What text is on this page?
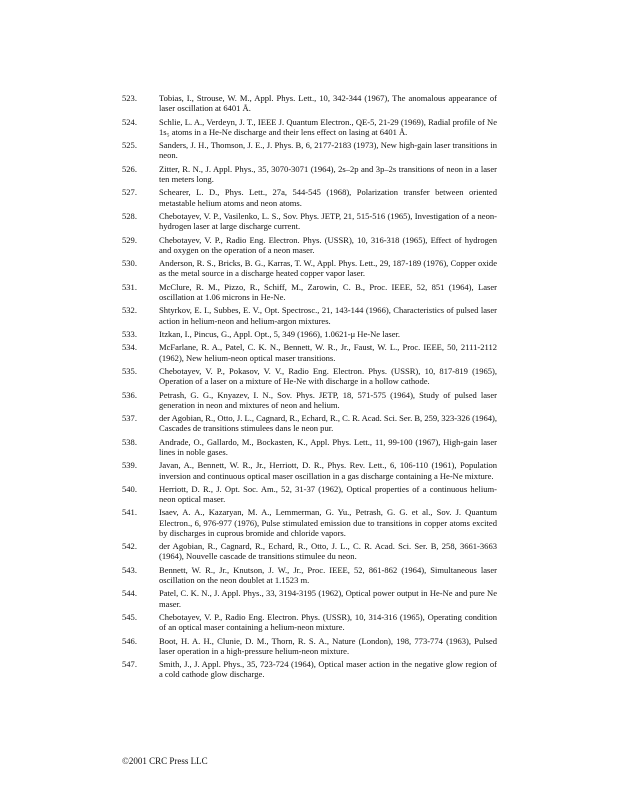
523.	Tobias, I., Strouse, W. M., Appl. Phys. Lett., 10, 342-344 (1967), The anomalous appearance of laser oscillation at 6401 Å.
524.	Schlie, L. A., Verdeyn, J. T., IEEE J. Quantum Electron., QE-5, 21-29 (1969), Radial profile of Ne 1s₅ atoms in a He-Ne discharge and their lens effect on lasing at 6401 Å.
525.	Sanders, J. H., Thomson, J. E., J. Phys. B, 6, 2177-2183 (1973), New high-gain laser transitions in neon.
526.	Zitter, R. N., J. Appl. Phys., 35, 3070-3071 (1964), 2s–2p and 3p–2s transitions of neon in a laser ten meters long.
527.	Schearer, L. D., Phys. Lett., 27a, 544-545 (1968), Polarization transfer between oriented metastable helium atoms and neon atoms.
528.	Chebotayev, V. P., Vasilenko, L. S., Sov. Phys. JETP, 21, 515-516 (1965), Investigation of a neon-hydrogen laser at large discharge current.
529.	Chebotayev, V. P., Radio Eng. Electron. Phys. (USSR), 10, 316-318 (1965), Effect of hydrogen and oxygen on the operation of a neon maser.
530.	Anderson, R. S., Bricks, B. G., Karras, T. W., Appl. Phys. Lett., 29, 187-189 (1976), Copper oxide as the metal source in a discharge heated copper vapor laser.
531.	McClure, R. M., Pizzo, R., Schiff, M., Zarowin, C. B., Proc. IEEE, 52, 851 (1964), Laser oscillation at 1.06 microns in He-Ne.
532.	Shtyrkov, E. I., Subbes, E. V., Opt. Spectrosc., 21, 143-144 (1966), Characteristics of pulsed laser action in helium-neon and helium-argon mixtures.
533.	Itzkan, I., Pincus, G., Appl. Opt., 5, 349 (1966), 1.0621-μ He-Ne laser.
534.	McFarlane, R. A., Patel, C. K. N., Bennett, W. R., Jr., Faust, W. L., Proc. IEEE, 50, 2111-2112 (1962), New helium-neon optical maser transitions.
535.	Chebotayev, V. P., Pokasov, V. V., Radio Eng. Electron. Phys. (USSR), 10, 817-819 (1965), Operation of a laser on a mixture of He-Ne with discharge in a hollow cathode.
536.	Petrash, G. G., Knyazev, I. N., Sov. Phys. JETP, 18, 571-575 (1964), Study of pulsed laser generation in neon and mixtures of neon and helium.
537.	der Agobian, R., Otto, J. L., Cagnard, R., Echard, R., C. R. Acad. Sci. Ser. B, 259, 323-326 (1964), Cascades de transitions stimulees dans le neon pur.
538.	Andrade, O., Gallardo, M., Bockasten, K., Appl. Phys. Lett., 11, 99-100 (1967), High-gain laser lines in noble gases.
539.	Javan, A., Bennett, W. R., Jr., Herriott, D. R., Phys. Rev. Lett., 6, 106-110 (1961), Population inversion and continuous optical maser oscillation in a gas discharge containing a He-Ne mixture.
540.	Herriott, D. R., J. Opt. Soc. Am., 52, 31-37 (1962), Optical properties of a continuous helium-neon optical maser.
541.	Isaev, A. A., Kazaryan, M. A., Lemmerman, G. Yu., Petrash, G. G. et al., Sov. J. Quantum Electron., 6, 976-977 (1976), Pulse stimulated emission due to transitions in copper atoms excited by discharges in cuprous bromide and chloride vapors.
542.	der Agobian, R., Cagnard, R., Echard, R., Otto, J. L., C. R. Acad. Sci. Ser. B, 258, 3661-3663 (1964), Nouvelle cascade de transitions stimulee du neon.
543.	Bennett, W. R., Jr., Knutson, J. W., Jr., Proc. IEEE, 52, 861-862 (1964), Simultaneous laser oscillation on the neon doublet at 1.1523 m.
544.	Patel, C. K. N., J. Appl. Phys., 33, 3194-3195 (1962), Optical power output in He-Ne and pure Ne maser.
545.	Chebotayev, V. P., Radio Eng. Electron. Phys. (USSR), 10, 314-316 (1965), Operating condition of an optical maser containing a helium-neon mixture.
546.	Boot, H. A. H., Clunie, D. M., Thorn, R. S. A., Nature (London), 198, 773-774 (1963), Pulsed laser operation in a high-pressure helium-neon mixture.
547.	Smith, J., J. Appl. Phys., 35, 723-724 (1964), Optical maser action in the negative glow region of a cold cathode glow discharge.
©2001 CRC Press LLC
